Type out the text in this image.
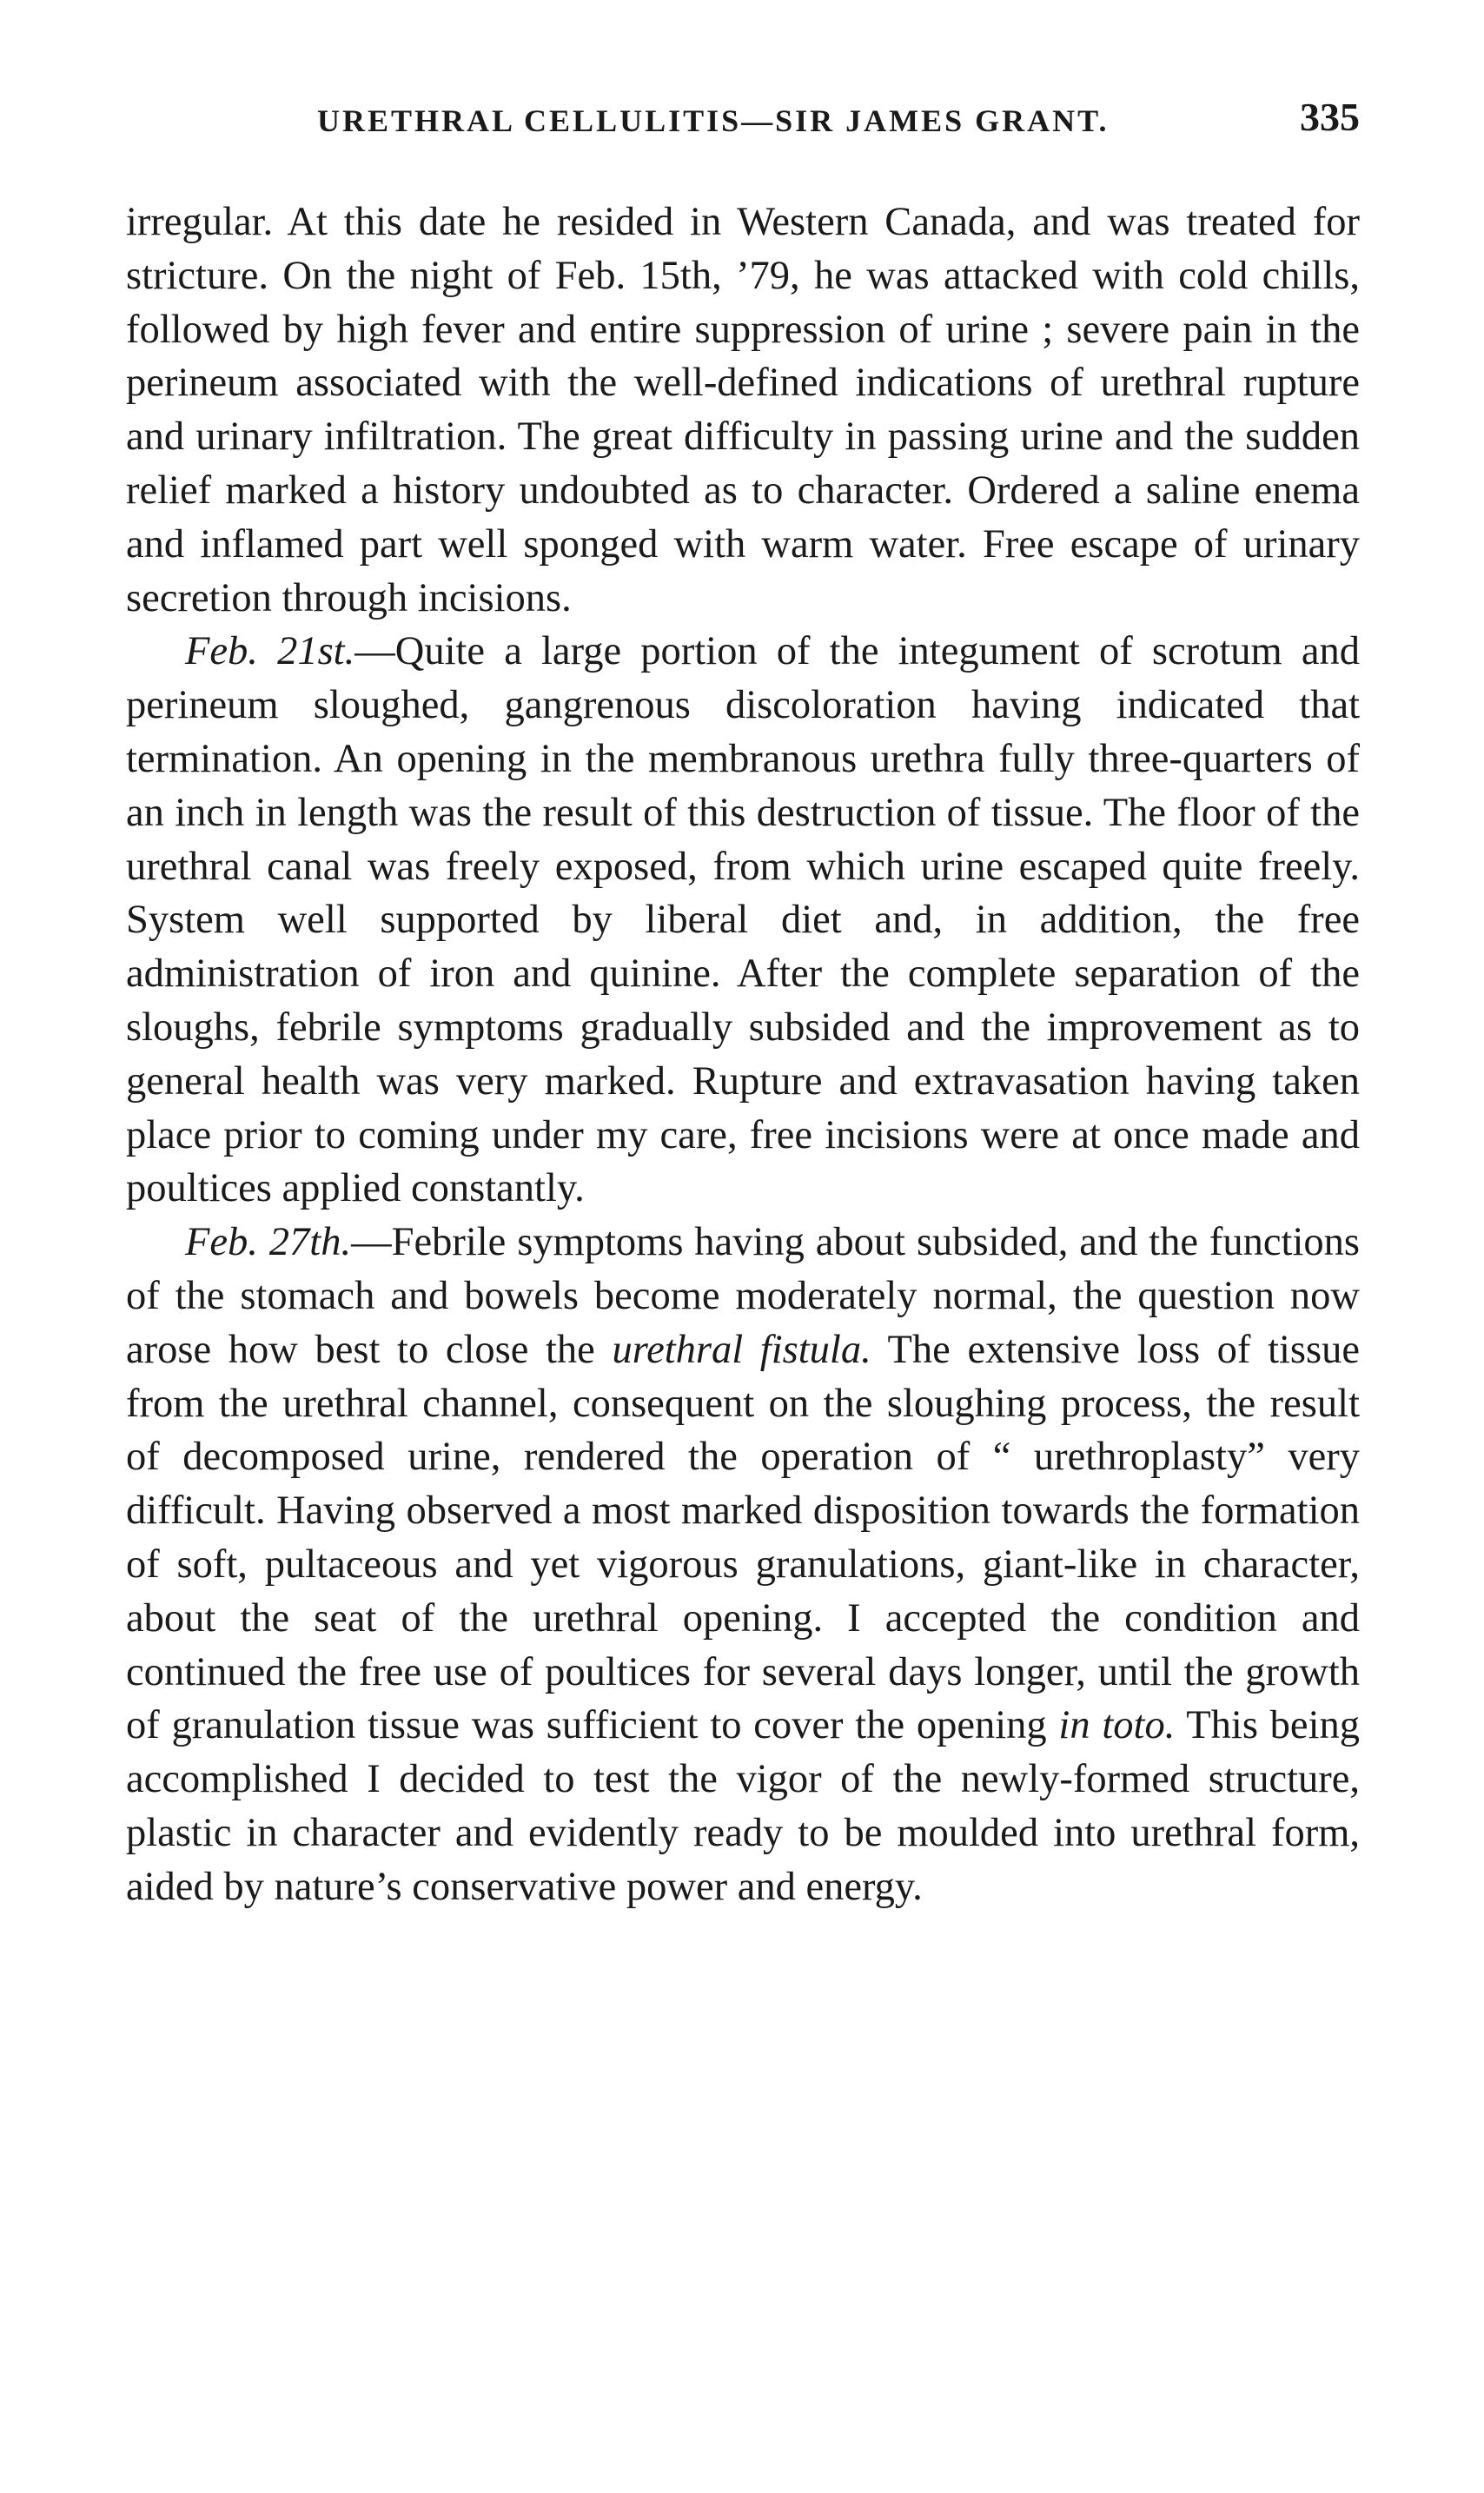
URETHRAL CELLULITIS—SIR JAMES GRANT.	335

irregular. At this date he resided in Western Canada, and was treated for stricture. On the night of Feb. 15th, ’79, he was attacked with cold chills, followed by high fever and entire suppression of urine ; severe pain in the perineum associated with the well-defined indications of urethral rupture and urinary infiltration. The great difficulty in passing urine and the sudden relief marked a history undoubted as to character. Ordered a saline enema and inflamed part well sponged with warm water. Free escape of urinary secretion through incisions.

Feb. 21st.—Quite a large portion of the integument of scrotum and perineum sloughed, gangrenous discoloration having indicated that termination. An opening in the membranous urethra fully three-quarters of an inch in length was the result of this destruction of tissue. The floor of the urethral canal was freely exposed, from which urine escaped quite freely. System well supported by liberal diet and, in addition, the free administration of iron and quinine. After the complete separation of the sloughs, febrile symptoms gradually subsided and the improvement as to general health was very marked. Rupture and extravasation having taken place prior to coming under my care, free incisions were at once made and poultices applied constantly.

Feb. 27th.—Febrile symptoms having about subsided, and the functions of the stomach and bowels become moderately normal, the question now arose how best to close the urethral fistula. The extensive loss of tissue from the urethral channel, consequent on the sloughing process, the result of decomposed urine, rendered the operation of “ urethroplasty” very difficult. Having observed a most marked disposition towards the formation of soft, pultaceous and yet vigorous granulations, giant-like in character, about the seat of the urethral opening. I accepted the condition and continued the free use of poultices for several days longer, until the growth of granulation tissue was sufficient to cover the opening in toto. This being accomplished I decided to test the vigor of the newly-formed structure, plastic in character and evidently ready to be moulded into urethral form, aided by nature’s conservative power and energy.
